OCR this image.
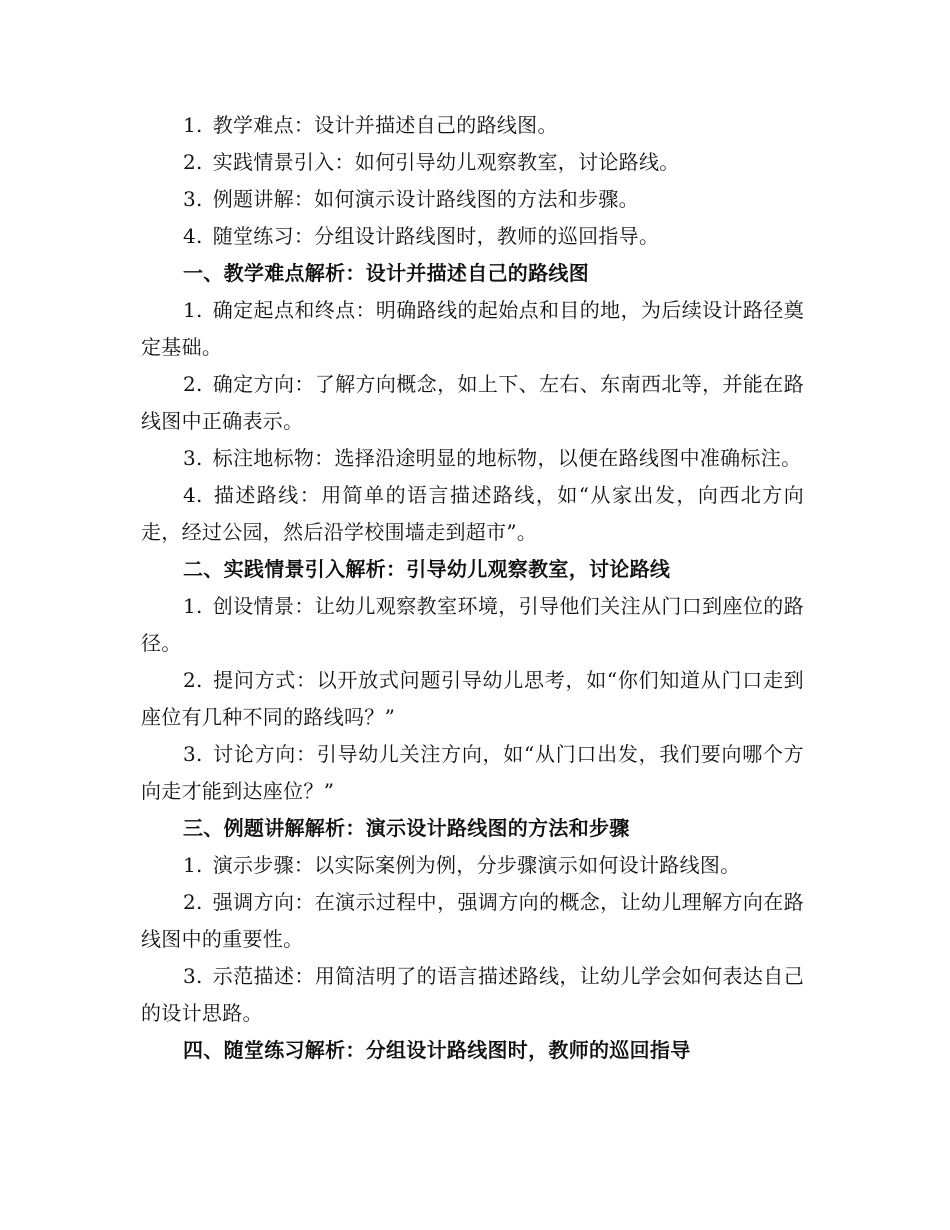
1. 教学难点：设计并描述自己的路线图。

2. 实践情景引入：如何引导幼儿观察教室，讨论路线。

3. 例题讲解：如何演示设计路线图的方法和步骤。

4. 随堂练习：分组设计路线图时，教师的巡回指导。

一、教学难点解析：设计并描述自己的路线图

1. 确定起点和终点：明确路线的起始点和目的地，为后续设计路径奠定基础。

2. 确定方向：了解方向概念，如上下、左右、东南西北等，并能在路线图中正确表示。

3. 标注地标物：选择沿途明显的地标物，以便在路线图中准确标注。

4. 描述路线：用简单的语言描述路线，如“从家出发，向西北方向走，经过公园，然后沿学校围墙走到超市”。

二、实践情景引入解析：引导幼儿观察教室，讨论路线

1. 创设情景：让幼儿观察教室环境，引导他们关注从门口到座位的路径。

2. 提问方式：以开放式问题引导幼儿思考，如“你们知道从门口走到座位有几种不同的路线吗？”

3. 讨论方向：引导幼儿关注方向，如“从门口出发，我们要向哪个方向走才能到达座位？”

三、例题讲解解析：演示设计路线图的方法和步骤

1. 演示步骤：以实际案例为例，分步骤演示如何设计路线图。

2. 强调方向：在演示过程中，强调方向的概念，让幼儿理解方向在路线图中的重要性。

3. 示范描述：用简洁明了的语言描述路线，让幼儿学会如何表达自己的设计思路。

四、随堂练习解析：分组设计路线图时，教师的巡回指导
